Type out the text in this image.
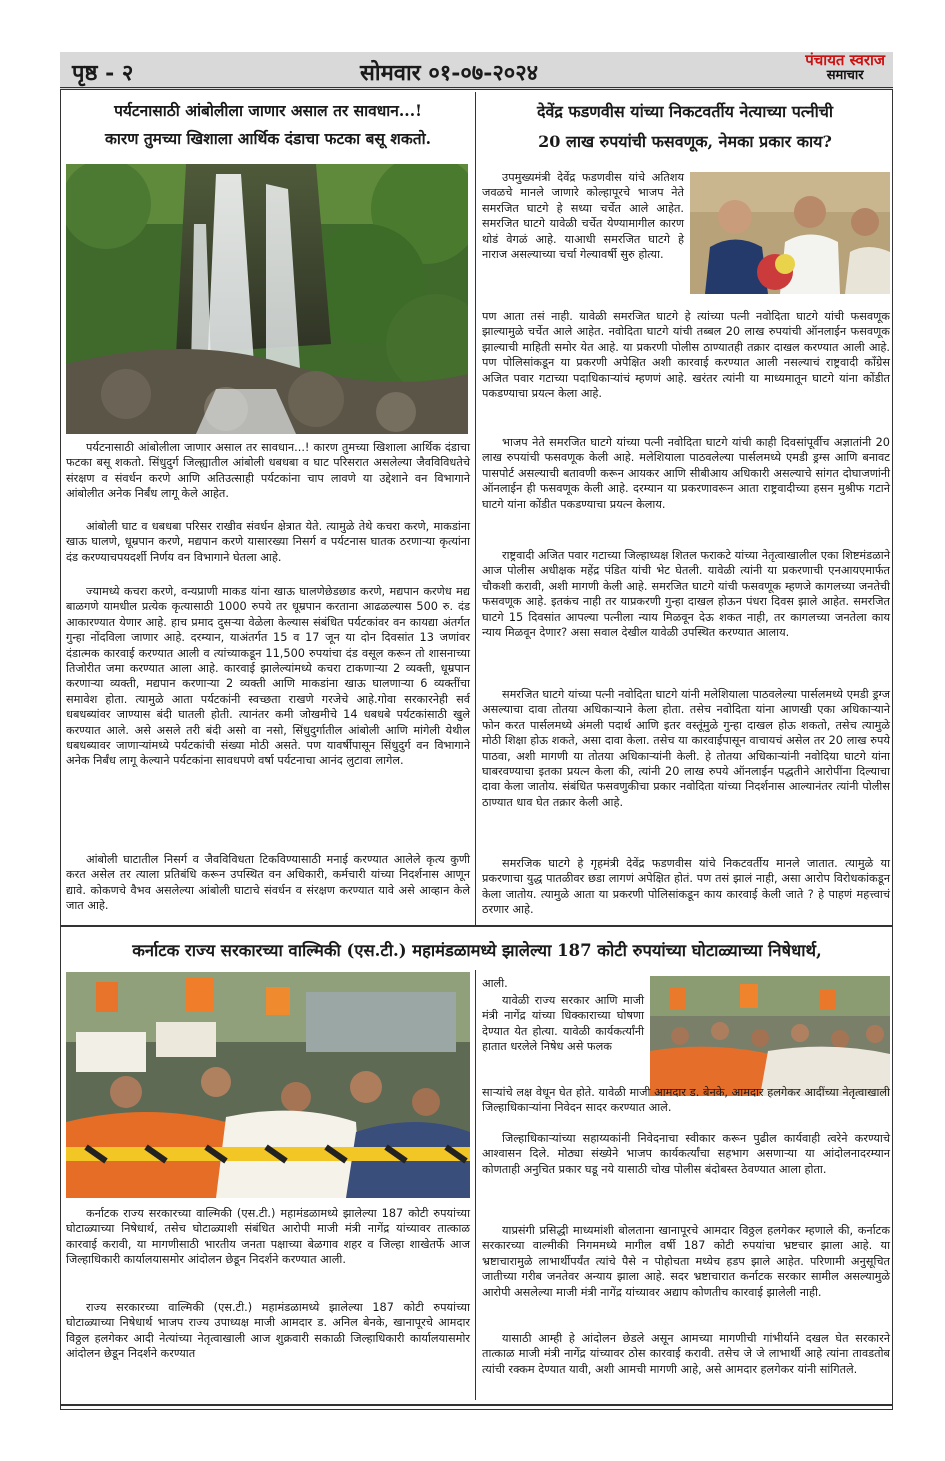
पृष्ठ - २	सोमवार ०१-०७-२०२४	पंचायत स्वराज
समाचार
पर्यटनासाठी आंबोलीला जाणार असाल तर सावधान...!
कारण तुमच्या खिशाला आर्थिक दंडाचा फटका बसू शकतो.

पर्यटनासाठी आंबोलीला जाणार असाल तर सावधान...! कारण तुमच्या खिशाला आर्थिक दंडाचा फटका बसू शकतो. सिंधुदुर्ग जिल्ह्यातील आंबोली धबधबा व घाट परिसरात असलेल्या जैवविविधतेचे संरक्षण व संवर्धन करणे आणि अतिउत्साही पर्यटकांना चाप लावणे या उद्देशाने वन विभागाने आंबोलीत अनेक निर्बंध लागू केले आहेत.

आंबोली घाट व धबधबा परिसर राखीव संवर्धन क्षेत्रात येते. त्यामुळे तेथे कचरा करणे, माकडांना खाऊ घालणे, धूम्रपान करणे, मद्यपान करणे यासारख्या निसर्ग व पर्यटनास घातक ठरणाऱ्या कृत्यांना दंड करण्याचपयदर्शी निर्णय वन विभागाने घेतला आहे.

ज्यामध्ये कचरा करणे, वन्यप्राणी माकड यांना खाऊ घालणेछेडछाड करणे, मद्यपान करणेध मद्य बाळगणे यामधील प्रत्येक कृत्यासाठी 1000 रुपये तर धूम्रपान करताना आढळल्यास 500 रु. दंड आकारण्यात येणार आहे. हाच प्रमाद दुसऱ्या वेळेला केल्यास संबंधित पर्यटकांवर वन कायद्या अंतर्गत गुन्हा नोंदविला जाणार आहे. दरम्यान, याअंतर्गत 15 व 17 जून या दोन दिवसांत 13 जणांवर दंडात्मक कारवाई करण्यात आली व त्यांच्याकडून 11,500 रुपयांचा दंड वसूल करून तो शासनाच्या तिजोरीत जमा करण्यात आला आहे. कारवाई झालेल्यांमध्ये कचरा टाकणाऱ्या 2 व्यक्ती, धूम्रपान करणाऱ्या व्यक्ती, मद्यपान करणाऱ्या 2 व्यक्ती आणि माकडांना खाऊ घालणाऱ्या 6 व्यक्तींचा समावेश होता. त्यामुळे आता पर्यटकांनी स्वच्छता राखणे गरजेचे आहे.गोवा सरकारनेही सर्व धबधब्यांवर जाण्यास बंदी घातली होती. त्यानंतर कमी जोखमीचे 14 धबधबे पर्यटकांसाठी खुले करण्यात आले. असे असले तरी बंदी असो वा नसो, सिंधुदुर्गातील आंबोली आणि मांगेली येथील धबधब्यावर जाणाऱ्यांमध्ये पर्यटकांची संख्या मोठी असते. पण यावर्षीपासून सिंधुदुर्ग वन विभागाने अनेक निर्बंध लागू केल्याने पर्यटकांना सावधपणे वर्षा पर्यटनाचा आनंद लुटावा लागेल.

आंबोली घाटातील निसर्ग व जैवविविधता टिकविण्यासाठी मनाई करण्यात आलेले कृत्य कुणी करत असेल तर त्याला प्रतिबंधि करून उपस्थित वन अधिकारी, कर्मचारी यांच्या निदर्शनास आणून द्यावे. कोकणचे वैभव असलेल्या आंबोली घाटाचे संवर्धन व संरक्षण करण्यात यावे असे आव्हान केले जात आहे.

देवेंद्र फडणवीस यांच्या निकटवर्तीय नेत्याच्या पत्नीची
20 लाख रुपयांची फसवणूक, नेमका प्रकार काय?

उपमुख्यमंत्री देवेंद्र फडणवीस यांचे अतिशय जवळचे मानले जाणारे कोल्हापूरचे भाजप नेते समरजित घाटगे हे सध्या चर्चेत आले आहेत. समरजित घाटगे यावेळी चर्चेत येण्यामागील कारण थोडं वेगळं आहे. याआधी समरजित घाटगे हे नाराज असल्याच्या चर्चा गेल्यावर्षी सुरु होत्या.

पण आता तसं नाही. यावेळी समरजित घाटगे हे त्यांच्या पत्नी नवोदिता घाटगे यांची फसवणूक झाल्यामुळे चर्चेत आले आहेत. नवोदिता घाटगे यांची तब्बल 20 लाख रुपयांची ऑनलाईन फसवणूक झाल्याची माहिती समोर येत आहे. या प्रकरणी पोलीस ठाण्यातही तक्रार दाखल करण्यात आली आहे. पण पोलिसांकडून या प्रकरणी अपेक्षित अशी कारवाई करण्यात आली नसल्याचं राष्ट्रवादी काँग्रेस अजित पवार गटाच्या पदाधिकाऱ्यांचं म्हणणं आहे. खरंतर त्यांनी या माध्यमातून घाटगे यांना कोंडीत पकडण्याचा प्रयत्न केला आहे.

भाजप नेते समरजित घाटगे यांच्या पत्नी नवोदिता घाटगे यांची काही दिवसांपूर्वीच अज्ञातांनी 20 लाख रुपयांची फसवणूक केली आहे. मलेशियाला पाठवलेल्या पार्सलमध्ये एमडी ड्रग्स आणि बनावट पासपोर्ट असल्याची बतावणी करून आयकर आणि सीबीआय अधिकारी असल्याचे सांगत दोघाजणांनी ऑनलाईन ही फसवणूक केली आहे. दरम्यान या प्रकरणावरून आता राष्ट्रवादीच्या हसन मुश्रीफ गटाने घाटगे यांना कोंडीत पकडण्याचा प्रयत्न केलाय.

राष्ट्रवादी अजित पवार गटाच्या जिल्हाध्यक्ष शितल फराकटे यांच्या नेतृत्वाखालील एका शिष्टमंडळाने आज पोलीस अधीक्षक महेंद्र पंडित यांची भेट घेतली. यावेळी त्यांनी या प्रकरणाची एनआयएमार्फत चौकशी करावी, अशी मागणी केली आहे. समरजित घाटगे यांची फसवणूक म्हणजे कागलच्या जनतेची फसवणूक आहे. इतकंच नाही तर याप्रकरणी गुन्हा दाखल होऊन पंधरा दिवस झाले आहेत. समरजित घाटगे 15 दिवसांत आपल्या पत्नीला न्याय मिळवून देऊ शकत नाही, तर कागलच्या जनतेला काय न्याय मिळवून देणार? असा सवाल देखील यावेळी उपस्थित करण्यात आलाय.

समरजित घाटगे यांच्या पत्नी नवोदिता घाटगे यांनी मलेशियाला पाठवलेल्या पार्सलमध्ये एमडी ड्रग्ज असल्याचा दावा तोतया अधिकाऱ्याने केला होता. तसेच नवोदिता यांना आणखी एका अधिकाऱ्याने फोन करत पार्सलमध्ये अंमली पदार्थ आणि इतर वस्तूंमुळे गुन्हा दाखल होऊ शकतो, तसेच त्यामुळे मोठी शिक्षा होऊ शकते, असा दावा केला. तसेच या कारवाईपासून वाचायचं असेल तर 20 लाख रुपये पाठवा, अशी मागणी या तोतया अधिकाऱ्यांनी केली. हे तोतया अधिकाऱ्यांनी नवोदिया घाटगे यांना घाबरवण्याचा इतका प्रयत्न केला की, त्यांनी 20 लाख रुपये ऑनलाईन पद्धतीने आरोपींना दिल्याचा दावा केला जातोय. संबंधित फसवणुकीचा प्रकार नवोदिता यांच्या निदर्शनास आल्यानंतर त्यांनी पोलीस ठाण्यात धाव घेत तक्रार केली आहे.

समरजिक घाटगे हे गृहमंत्री देवेंद्र फडणवीस यांचे निकटवर्तीय मानले जातात. त्यामुळे या प्रकरणाचा युद्ध पातळीवर छडा लागणं अपेक्षित होतं. पण तसं झालं नाही, असा आरोप विरोधकांकडून केला जातोय. त्यामुळे आता या प्रकरणी पोलिसांकडून काय कारवाई केली जाते ? हे पाहणं महत्त्वाचं ठरणार आहे.

कर्नाटक राज्य सरकारच्या वाल्मिकी (एस.टी.) महामंडळामध्ये झालेल्या 187 कोटी रुपयांच्या घोटाळ्याच्या निषेधार्थ,

कर्नाटक राज्य सरकारच्या वाल्मिकी (एस.टी.) महामंडळामध्ये झालेल्या 187 कोटी रुपयांच्या घोटाळ्याच्या निषेधार्थ, तसेच घोटाळ्याशी संबंधित आरोपी माजी मंत्री नागेंद्र यांच्यावर तात्काळ कारवाई करावी, या मागणीसाठी भारतीय जनता पक्षाच्या बेळगाव शहर व जिल्हा शाखेतर्फे आज जिल्हाधिकारी कार्यालयासमोर आंदोलन छेडून निदर्शने करण्यात आली.

राज्य सरकारच्या वाल्मिकी (एस.टी.) महामंडळामध्ये झालेल्या 187 कोटी रुपयांच्या घोटाळ्याच्या निषेधार्थ भाजप राज्य उपाध्यक्ष माजी आमदार ड. अनिल बेनके, खानापूरचे आमदार विठ्ठल हलगेकर आदी नेत्यांच्या नेतृत्वाखाली आज शुक्रवारी सकाळी जिल्हाधिकारी कार्यालयासमोर आंदोलन छेडून निदर्शने करण्यात

आली.

यावेळी राज्य सरकार आणि माजी मंत्री नागेंद्र यांच्या धिक्काराच्या घोषणा देण्यात येत होत्या. यावेळी कार्यकर्त्यांनी हातात धरलेले निषेध असे फलक

साऱ्यांचे लक्ष वेधून घेत होते. यावेळी माजी आमदार ड. बेनके, आमदार हलगेकर आदींच्या नेतृत्वाखाली जिल्हाधिकाऱ्यांना निवेदन सादर करण्यात आले.

जिल्हाधिकाऱ्यांच्या सहाय्यकांनी निवेदनाचा स्वीकार करून पुढील कार्यवाही त्वरेने करण्याचे आश्वासन दिले. मोठ्या संख्येने भाजप कार्यकर्त्यांचा सहभाग असणाऱ्या या आंदोलनादरम्यान कोणताही अनुचित प्रकार घडू नये यासाठी चोख पोलीस बंदोबस्त ठेवण्यात आला होता.

याप्रसंगी प्रसिद्धी माध्यमांशी बोलताना खानापूरचे आमदार विठ्ठल हलगेकर म्हणाले की, कर्नाटक सरकारच्या वाल्मीकी निगममध्ये मागील वर्षी 187 कोटी रुपयांचा भ्रष्टचार झाला आहे. या भ्रष्टाचारामुळे लाभार्थीपर्यंत त्यांचे पैसे न पोहोचता मध्येच हडप झाले आहेत. परिणामी अनुसूचित जातीच्या गरीब जनतेवर अन्याय झाला आहे. सदर भ्रष्टाचारात कर्नाटक सरकार सामील असल्यामुळे आरोपी असलेल्या माजी मंत्री नागेंद्र यांच्यावर अद्याप कोणतीच कारवाई झालेली नाही.

यासाठी आम्ही हे आंदोलन छेडले असून आमच्या मागणीची गांभीर्याने दखल घेत सरकारने तात्काळ माजी मंत्री नागेंद्र यांच्यावर ठोस कारवाई करावी. तसेच जे जे लाभार्थी आहे त्यांना तावडतोब त्यांची रक्कम देण्यात यावी, अशी आमची मागणी आहे, असे आमदार हलगेकर यांनी सांगितले.
